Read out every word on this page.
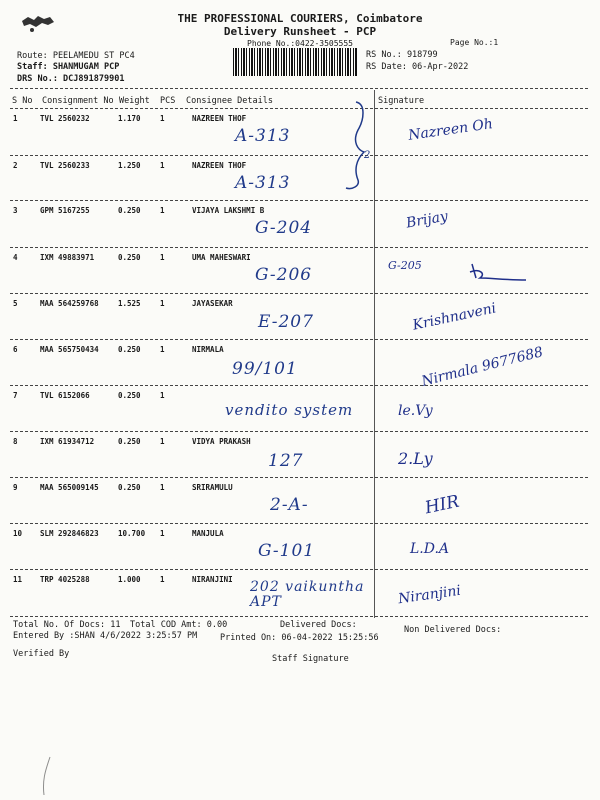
THE PROFESSIONAL COURIERS, Coimbatore
Delivery Runsheet - PCP
Phone No.:0422-3505555	Page No.:1
Route: PEELAMEDU ST PC4
Staff: SHANMUGAM PCP
DRS No.: DCJ891879901
RS No.: 918799
RS Date: 06-Apr-2022
S No Consignment No Weight PCS Consignee Details	Signature
1	TVL 2560232	1.170	1	NAZREEN THOF
A-313	Nazreen Oh
2	TVL 2560233	1.250	1	NAZREEN THOF
A-313
2
3	GPM 5167255	0.250	1	VIJAYA LAKSHMI B
G-204	Brijay
4	IXM 49883971	0.250	1	UMA MAHESWARI
G-206	G-205
5	MAA 564259768	1.525	1	JAYASEKAR
E-207	Krishnaveni
6	MAA 565750434	0.250	1	NIRMALA
99/101	Nirmala 9677688
7	TVL 6152066	0.250	1
vendito system	le.Vy
8	IXM 61934712	0.250	1	VIDYA PRAKASH
127	2.Ly
9	MAA 565009145	0.250	1	SRIRAMULU
2-A-	HIR
10 SLM 292846823	10.700 1	MANJULA
G-101	L.D.A
11 TRP 4025288	1.000	1	NIRANJINI 202 vaikuntha APT	Niranjini
Total No. Of Docs: 11 Total COD Amt: 0.00	Delivered Docs:	Non Delivered Docs:
Entered By :SHAN 4/6/2022 3:25:57 PM	Printed On: 06-04-2022 15:25:56
Verified By	Staff Signature
